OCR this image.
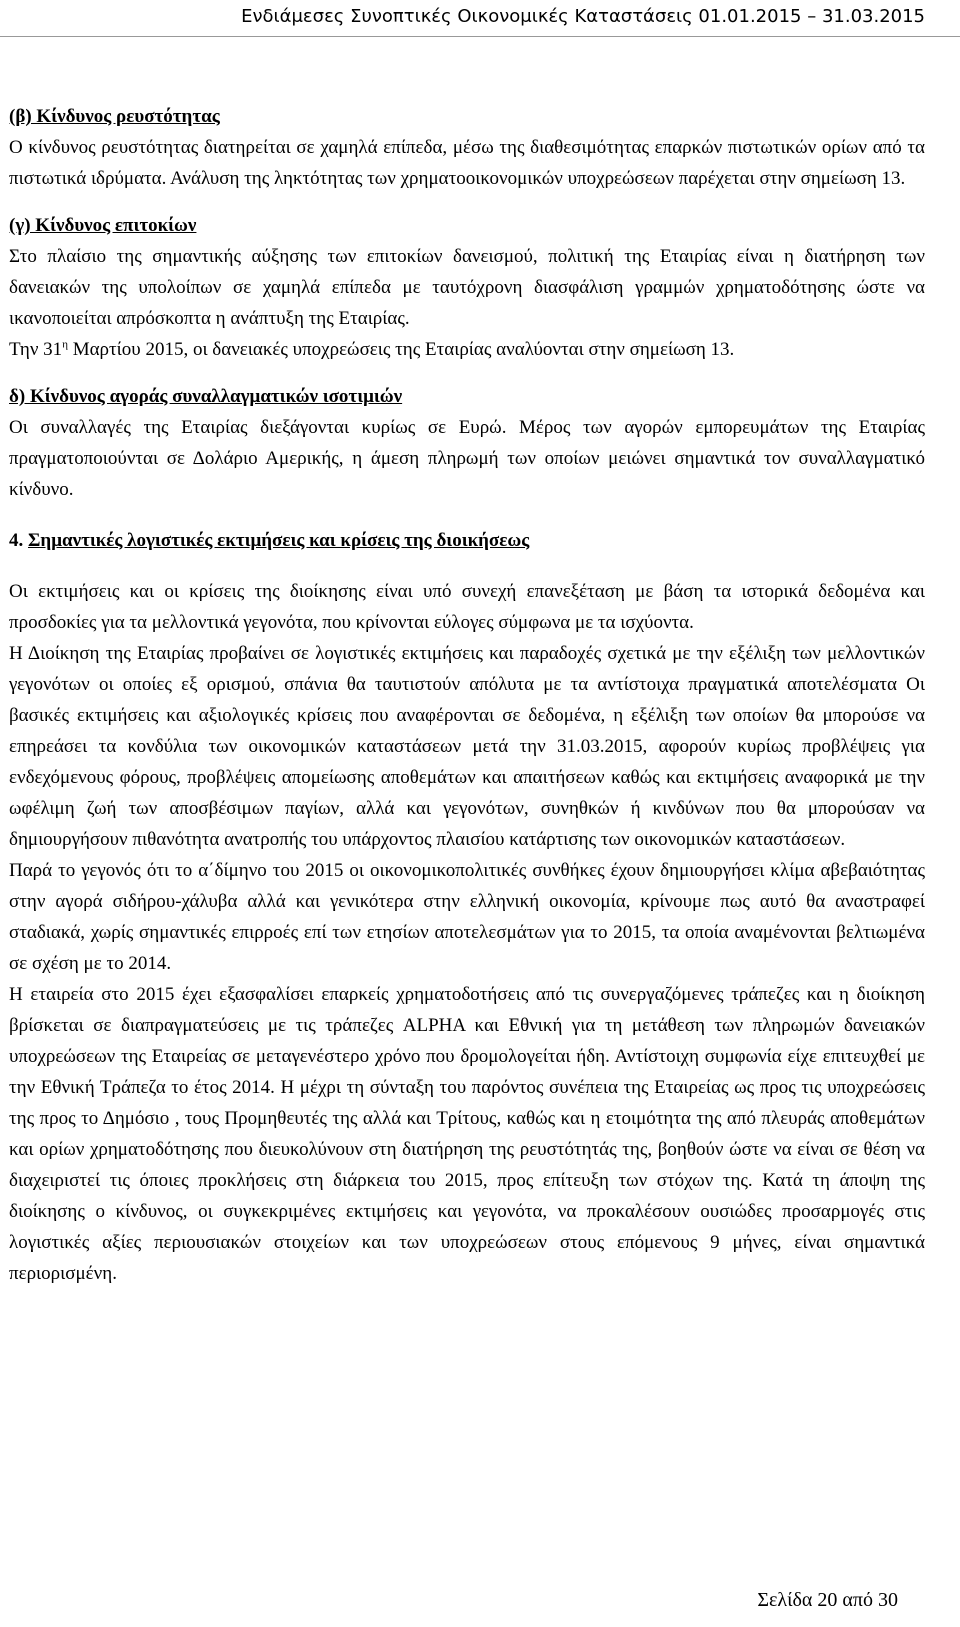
Ενδιάμεσες Συνοπτικές Οικονομικές Καταστάσεις 01.01.2015 – 31.03.2015

(β) Κίνδυνος ρευστότητας

Ο κίνδυνος ρευστότητας διατηρείται σε χαμηλά επίπεδα, μέσω της διαθεσιμότητας επαρκών πιστωτικών ορίων από τα πιστωτικά ιδρύματα. Ανάλυση της ληκτότητας των χρηματοοικονομικών υποχρεώσεων παρέχεται στην σημείωση 13.

(γ) Κίνδυνος επιτοκίων

Στο πλαίσιο της σημαντικής αύξησης των επιτοκίων δανεισμού, πολιτική της Εταιρίας είναι η διατήρηση των δανειακών της υπολοίπων σε χαμηλά επίπεδα με ταυτόχρονη διασφάλιση γραμμών χρηματοδότησης ώστε να ικανοποιείται απρόσκοπτα η ανάπτυξη της Εταιρίας.

Την $31^\eta$ Μαρτίου 2015, οι δανειακές υποχρεώσεις της Εταιρίας αναλύονται στην σημείωση 13.

δ) Κίνδυνος αγοράς συναλλαγματικών ισοτιμιών

Οι συναλλαγές της Εταιρίας διεξάγονται κυρίως σε Ευρώ. Μέρος των αγορών εμπορευμάτων της Εταιρίας πραγματοποιούνται σε Δολάριο Αμερικής, η άμεση πληρωμή των οποίων μειώνει σημαντικά τον συναλλαγματικό κίνδυνο.

4. Σημαντικές λογιστικές εκτιμήσεις και κρίσεις της διοικήσεως

Οι εκτιμήσεις και οι κρίσεις της διοίκησης είναι υπό συνεχή επανεξέταση με βάση τα ιστορικά δεδομένα και προσδοκίες για τα μελλοντικά γεγονότα, που κρίνονται εύλογες σύμφωνα με τα ισχύοντα.

Η Διοίκηση της Εταιρίας προβαίνει σε λογιστικές εκτιμήσεις και παραδοχές σχετικά με την εξέλιξη των μελλοντικών γεγονότων οι οποίες εξ ορισμού, σπάνια θα ταυτιστούν απόλυτα με τα αντίστοιχα πραγματικά αποτελέσματα Οι βασικές εκτιμήσεις και αξιολογικές κρίσεις που αναφέρονται σε δεδομένα, η εξέλιξη των οποίων θα μπορούσε να επηρεάσει τα κονδύλια των οικονομικών καταστάσεων μετά την 31.03.2015, αφορούν κυρίως προβλέψεις για ενδεχόμενους φόρους, προβλέψεις απομείωσης αποθεμάτων και απαιτήσεων καθώς και εκτιμήσεις αναφορικά με την ωφέλιμη ζωή των αποσβέσιμων παγίων, αλλά και γεγονότων, συνηθκών ή κινδύνων που θα μπορούσαν να δημιουργήσουν πιθανότητα ανατροπής του υπάρχοντος πλαισίου κατάρτισης των οικονομικών καταστάσεων.

Παρά το γεγονός ότι το α΄δίμηνο του 2015 οι οικονομικοπολιτικές συνθήκες έχουν δημιουργήσει κλίμα αβεβαιότητας στην αγορά σιδήρου-χάλυβα αλλά και γενικότερα στην ελληνική οικονομία, κρίνουμε πως αυτό θα αναστραφεί σταδιακά, χωρίς σημαντικές επιρροές επί των ετησίων αποτελεσμάτων για το 2015, τα οποία αναμένονται βελτιωμένα σε σχέση με το 2014.

Η εταιρεία στο 2015 έχει εξασφαλίσει επαρκείς χρηματοδοτήσεις από τις συνεργαζόμενες τράπεζες και η διοίκηση βρίσκεται σε διαπραγματεύσεις με τις τράπεζες ALPHA και Εθνική για τη μετάθεση των πληρωμών δανειακών υποχρεώσεων της Εταιρείας σε μεταγενέστερο χρόνο που δρομολογείται ήδη. Αντίστοιχη συμφωνία είχε επιτευχθεί με την Εθνική Τράπεζα το έτος 2014. Η μέχρι τη σύνταξη του παρόντος συνέπεια της Εταιρείας ως προς τις υποχρεώσεις της προς το Δημόσιο , τους Προμηθευτές της αλλά και Τρίτους, καθώς και η ετοιμότητα της από πλευράς αποθεμάτων και ορίων χρηματοδότησης που διευκολύνουν στη διατήρηση της ρευστότητάς της, βοηθούν ώστε να είναι σε θέση να διαχειριστεί τις όποιες προκλήσεις στη διάρκεια του 2015, προς επίτευξη των στόχων της. Κατά τη άποψη της διοίκησης ο κίνδυνος, οι συγκεκριμένες εκτιμήσεις και γεγονότα, να προκαλέσουν ουσιώδες προσαρμογές στις λογιστικές αξίες περιουσιακών στοιχείων και των υποχρεώσεων στους επόμενους 9 μήνες, είναι σημαντικά περιορισμένη.

Σελίδα 20 από 30
